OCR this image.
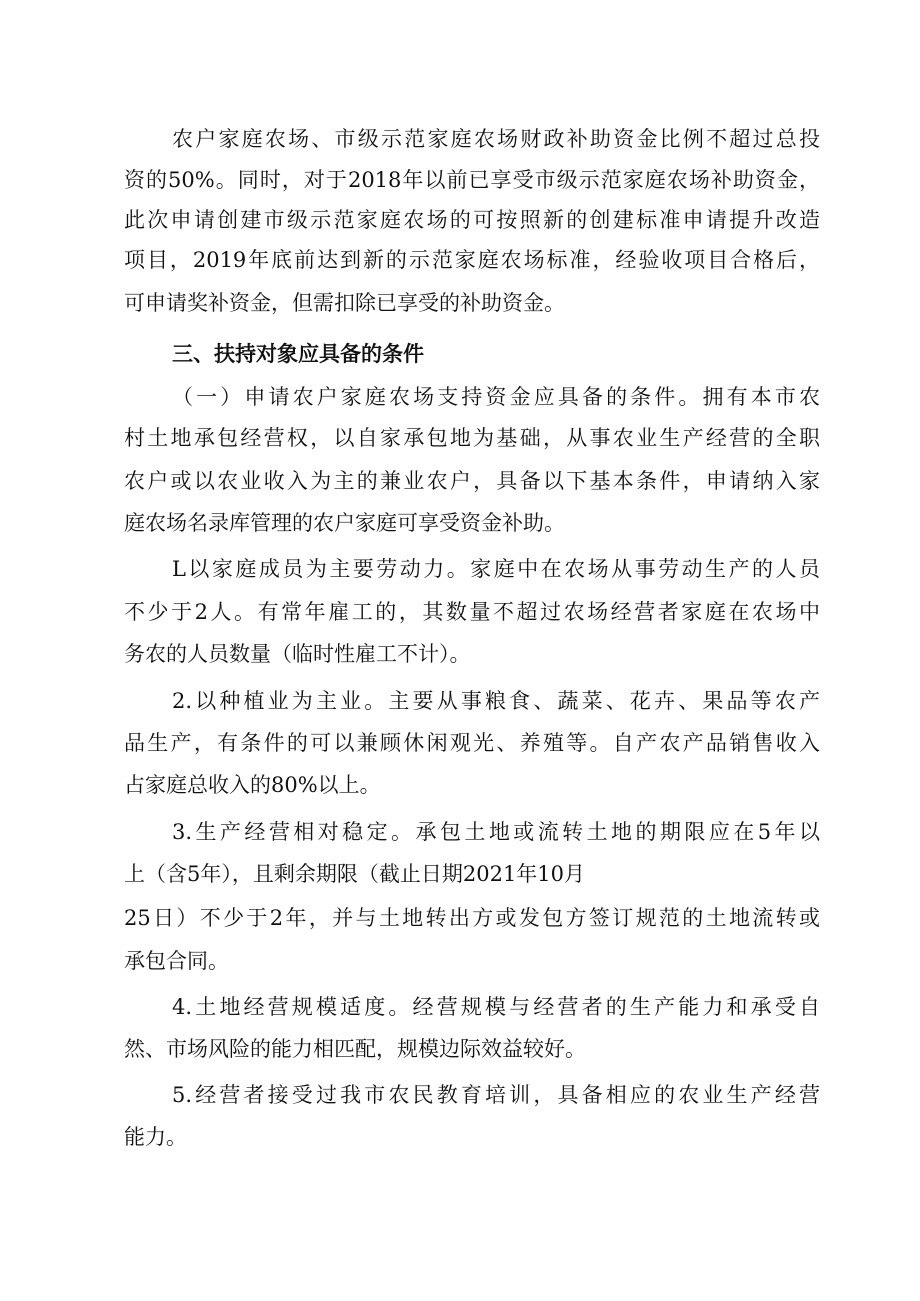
农户家庭农场、市级示范家庭农场财政补助资金比例不超过总投
资的50%。同时，对于2018年以前已享受市级示范家庭农场补助资金，
此次申请创建市级示范家庭农场的可按照新的创建标准申请提升改造
项目，2019年底前达到新的示范家庭农场标准，经验收项目合格后，
可申请奖补资金，但需扣除已享受的补助资金。
三、扶持对象应具备的条件
（一）申请农户家庭农场支持资金应具备的条件。拥有本市农
村土地承包经营权，以自家承包地为基础，从事农业生产经营的全职
农户或以农业收入为主的兼业农户，具备以下基本条件，申请纳入家
庭农场名录库管理的农户家庭可享受资金补助。
L以家庭成员为主要劳动力。家庭中在农场从事劳动生产的人员
不少于2人。有常年雇工的，其数量不超过农场经营者家庭在农场中
务农的人员数量（临时性雇工不计）。
2.以种植业为主业。主要从事粮食、蔬菜、花卉、果品等农产
品生产，有条件的可以兼顾休闲观光、养殖等。自产农产品销售收入
占家庭总收入的80%以上。
3.生产经营相对稳定。承包土地或流转土地的期限应在5年以
上（含5年），且剩余期限（截止日期2021年10月
25日）不少于2年，并与土地转出方或发包方签订规范的土地流转或
承包合同。
4.土地经营规模适度。经营规模与经营者的生产能力和承受自
然、市场风险的能力相匹配，规模边际效益较好。
5.经营者接受过我市农民教育培训，具备相应的农业生产经营
能力。
